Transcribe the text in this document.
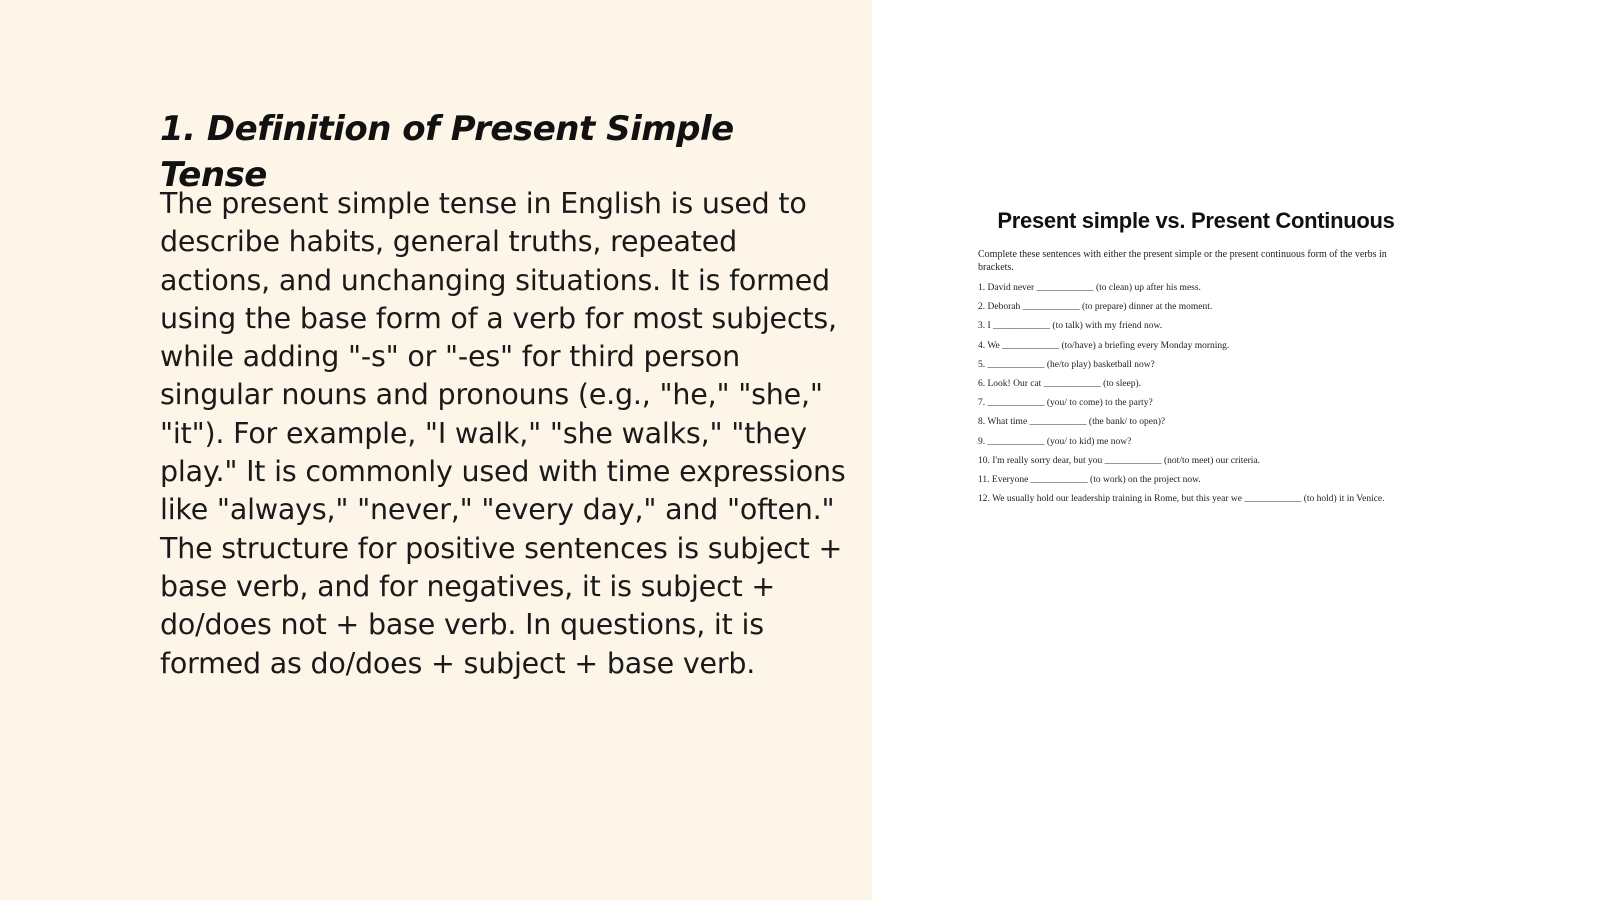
1. Definition of Present Simple Tense

The present simple tense in English is used to describe habits, general truths, repeated actions, and unchanging situations. It is formed using the base form of a verb for most subjects, while adding "-s" or "-es" for third person singular nouns and pronouns (e.g., "he," "she," "it"). For example, "I walk," "she walks," "they play." It is commonly used with time expressions like "always," "never," "every day," and "often." The structure for positive sentences is subject + base verb, and for negatives, it is subject + do/does not + base verb. In questions, it is formed as do/does + subject + base verb.

Present simple vs. Present Continuous

Complete these sentences with either the present simple or the present continuous form of the verbs in brackets.

1. David never ____________ (to clean) up after his mess.
2. Deborah ____________ (to prepare) dinner at the moment.
3. I ____________ (to talk) with my friend now.
4. We ____________ (to/have) a briefing every Monday morning.
5. ____________ (he/to play) basketball now?
6. Look! Our cat ____________ (to sleep).
7. ____________ (you/ to come) to the party?
8. What time ____________ (the bank/ to open)?
9. ____________ (you/ to kid) me now?
10. I'm really sorry dear, but you ____________ (not/to meet) our criteria.
11. Everyone ____________ (to work) on the project now.
12. We usually hold our leadership training in Rome, but this year we ____________ (to hold) it in Venice.
